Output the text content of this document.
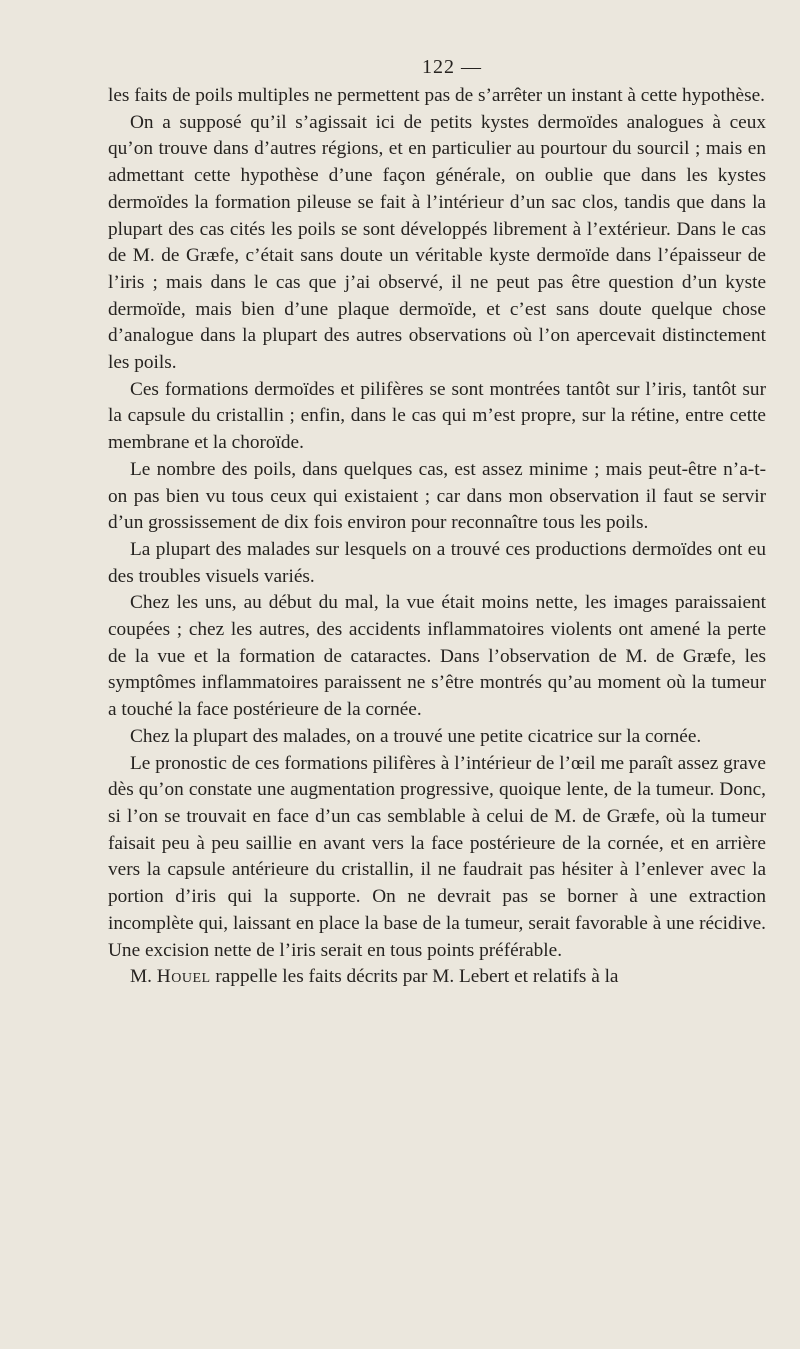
122 —

les faits de poils multiples ne permettent pas de s’arrêter un instant à cette hypothèse.

On a supposé qu’il s’agissait ici de petits kystes dermoïdes analogues à ceux qu’on trouve dans d’autres régions, et en particulier au pourtour du sourcil ; mais en admettant cette hypothèse d’une façon générale, on oublie que dans les kystes dermoïdes la formation pileuse se fait à l’intérieur d’un sac clos, tandis que dans la plupart des cas cités les poils se sont développés librement à l’extérieur. Dans le cas de M. de Græfe, c’était sans doute un véritable kyste dermoïde dans l’épaisseur de l’iris ; mais dans le cas que j’ai observé, il ne peut pas être question d’un kyste dermoïde, mais bien d’une plaque dermoïde, et c’est sans doute quelque chose d’analogue dans la plupart des autres observations où l’on apercevait distinctement les poils.

Ces formations dermoïdes et pilifères se sont montrées tantôt sur l’iris, tantôt sur la capsule du cristallin ; enfin, dans le cas qui m’est propre, sur la rétine, entre cette membrane et la choroïde.

Le nombre des poils, dans quelques cas, est assez minime ; mais peut-être n’a-t-on pas bien vu tous ceux qui existaient ; car dans mon observation il faut se servir d’un grossissement de dix fois environ pour reconnaître tous les poils.

La plupart des malades sur lesquels on a trouvé ces productions dermoïdes ont eu des troubles visuels variés.

Chez les uns, au début du mal, la vue était moins nette, les images paraissaient coupées ; chez les autres, des accidents inflammatoires violents ont amené la perte de la vue et la formation de cataractes. Dans l’observation de M. de Græfe, les symptômes inflammatoires paraissent ne s’être montrés qu’au moment où la tumeur a touché la face postérieure de la cornée.

Chez la plupart des malades, on a trouvé une petite cicatrice sur la cornée.

Le pronostic de ces formations pilifères à l’intérieur de l’œil me paraît assez grave dès qu’on constate une augmentation progressive, quoique lente, de la tumeur. Donc, si l’on se trouvait en face d’un cas semblable à celui de M. de Græfe, où la tumeur faisait peu à peu saillie en avant vers la face postérieure de la cornée, et en arrière vers la capsule antérieure du cristallin, il ne faudrait pas hésiter à l’enlever avec la portion d’iris qui la supporte. On ne devrait pas se borner à une extraction incomplète qui, laissant en place la base de la tumeur, serait favorable à une récidive. Une excision nette de l’iris serait en tous points préférable.

M. Houel rappelle les faits décrits par M. Lebert et relatifs à la
